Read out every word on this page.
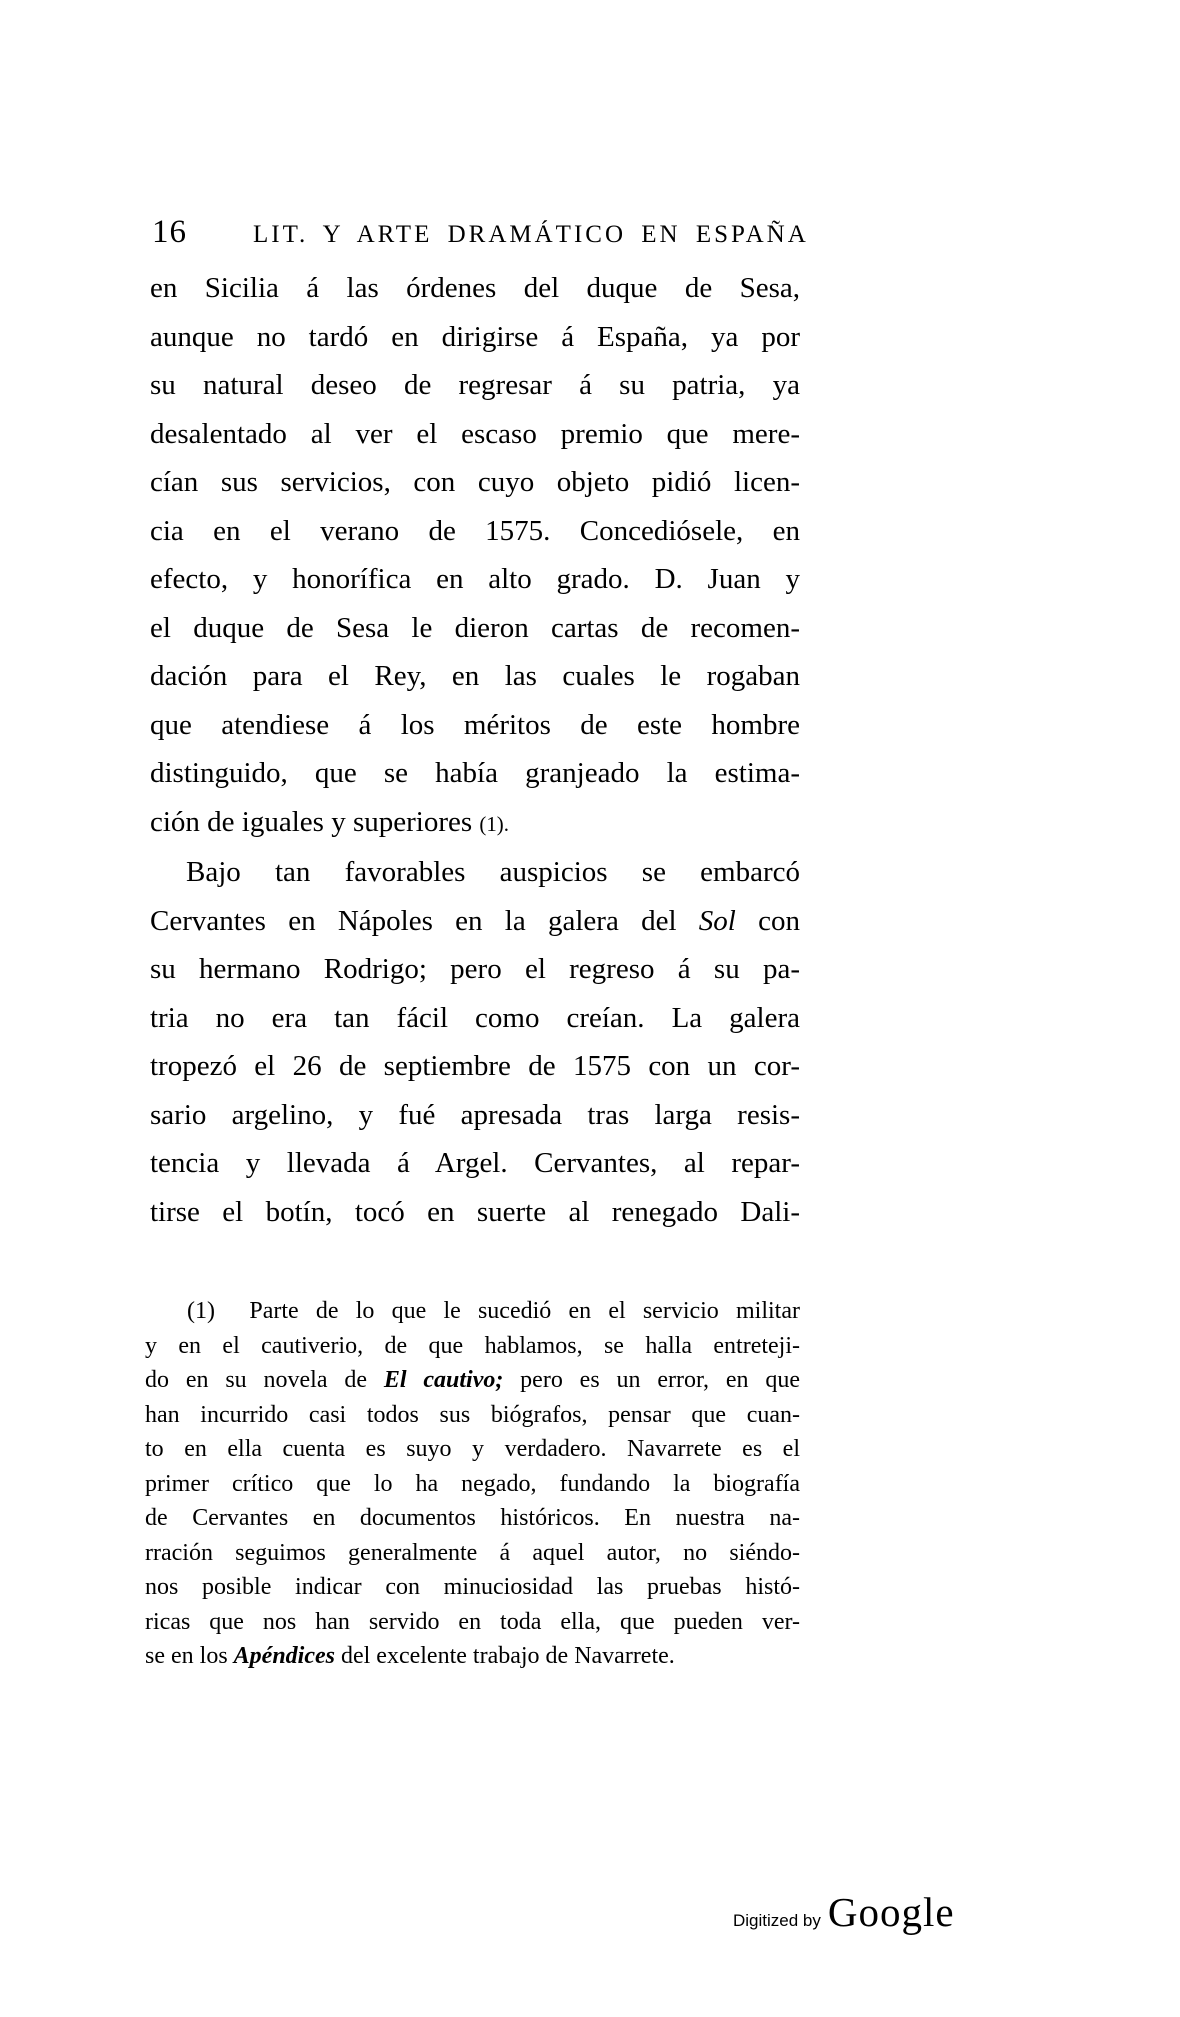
16	LIT. Y ARTE DRAMÁTICO EN ESPAÑA
en Sicilia á las órdenes del duque de Sesa,
aunque no tardó en dirigirse á España, ya por
su natural deseo de regresar á su patria, ya
desalentado al ver el escaso premio que mere-
cían sus servicios, con cuyo objeto pidió licen-
cia en el verano de 1575. Concediósele, en
efecto, y honorífica en alto grado. D. Juan y
el duque de Sesa le dieron cartas de recomen-
dación para el Rey, en las cuales le rogaban
que atendiese á los méritos de este hombre
distinguido, que se había granjeado la estima-
ción de iguales y superiores (1).
Bajo tan favorables auspicios se embarcó
Cervantes en Nápoles en la galera del Sol con
su hermano Rodrigo; pero el regreso á su pa-
tria no era tan fácil como creían. La galera
tropezó el 26 de septiembre de 1575 con un cor-
sario argelino, y fué apresada tras larga resis-
tencia y llevada á Argel. Cervantes, al repar-
tirse el botín, tocó en suerte al renegado Dali-
(1)  Parte de lo que le sucedió en el servicio militar
y en el cautiverio, de que hablamos, se halla entreteji-
do en su novela de El cautivo; pero es un error, en que
han incurrido casi todos sus biógrafos, pensar que cuan-
to en ella cuenta es suyo y verdadero. Navarrete es el
primer crítico que lo ha negado, fundando la biografía
de Cervantes en documentos históricos. En nuestra na-
rración seguimos generalmente á aquel autor, no siéndo-
nos posible indicar con minuciosidad las pruebas histó-
ricas que nos han servido en toda ella, que pueden ver-
se en los Apéndices del excelente trabajo de Navarrete.
Digitized by Google
